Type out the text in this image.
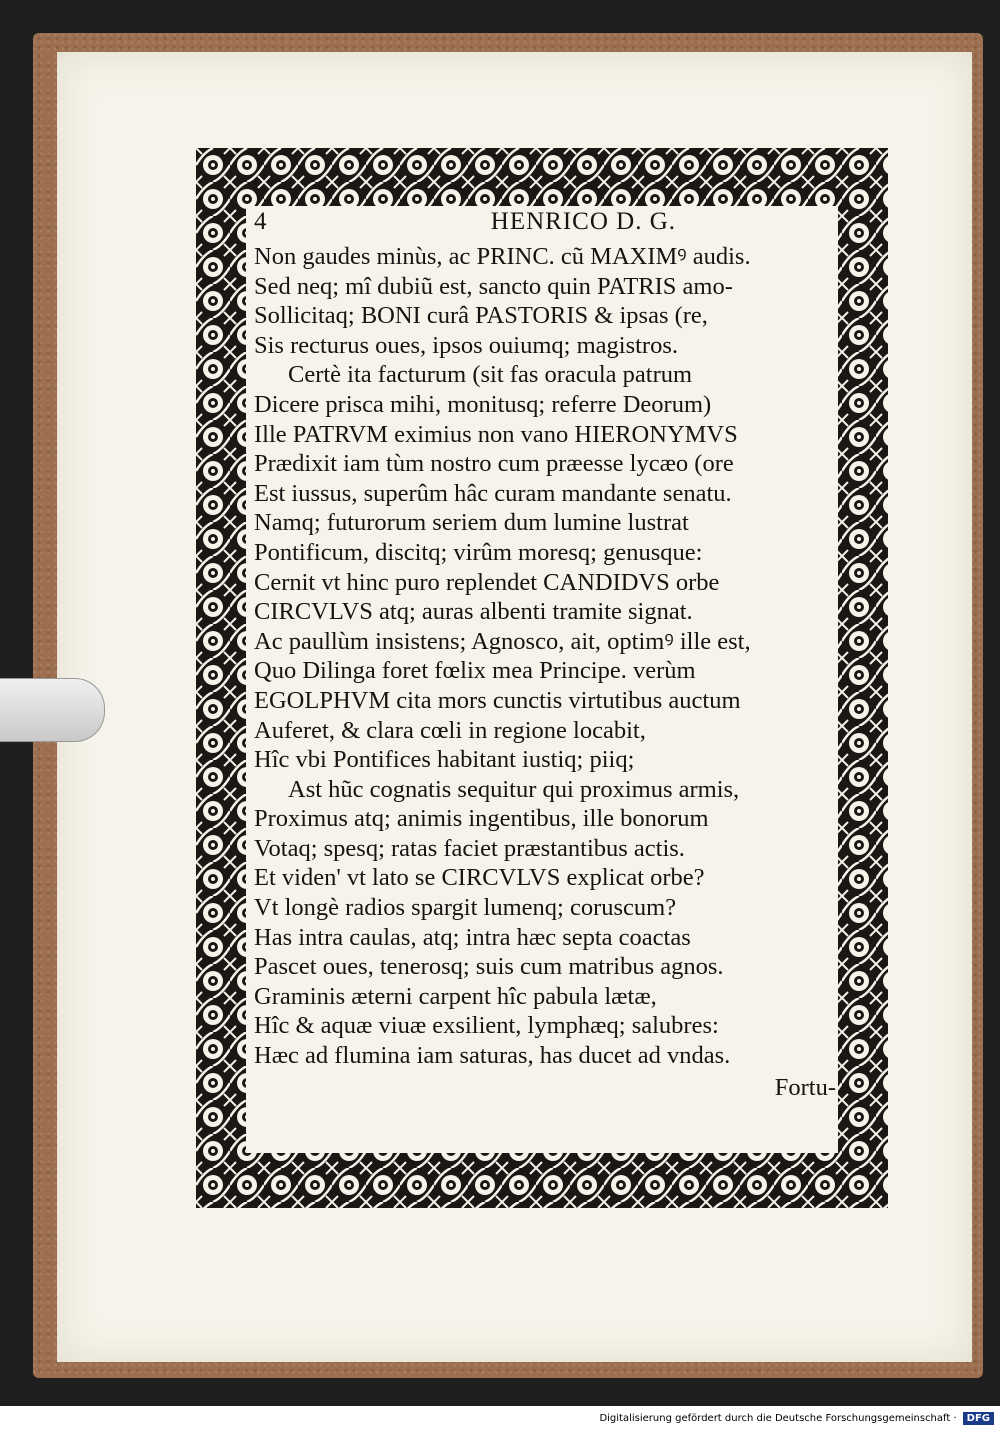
4	HENRICO D. G.
Non gaudes minùs, ac PRINC. cũ MAXIMꝰ audis.
Sed neq; mî dubiũ est, sancto quin PATRIS amo-
Sollicitaq; BONI curâ PASTORIS & ipsas (re,
Sis recturus oues, ipsos ouiumq; magistros.
Certè ita facturum (sit fas oracula patrum
Dicere prisca mihi, monitusq; referre Deorum)
Ille PATRVM eximius non vano HIERONYMVS
Prædixit iam tùm nostro cum præesse lycæo (ore
Est iussus, superûm hâc curam mandante senatu.
Namq; futurorum seriem dum lumine lustrat
Pontificum, discitq; virûm moresq; genusque:
Cernit vt hinc puro replendet CANDIDVS orbe
CIRCVLVS atq; auras albenti tramite signat.
Ac paullùm insistens; Agnosco, ait, optimꝰ ille est,
Quo Dilinga foret fœlix mea Principe. verùm
EGOLPHVM cita mors cunctis virtutibus auctum
Auferet, & clara cœli in regione locabit,
Hîc vbi Pontifices habitant iustiq; piiq;
Ast hũc cognatis sequitur qui proximus armis,
Proximus atq; animis ingentibus, ille bonorum
Votaq; spesq; ratas faciet præstantibus actis.
Et viden' vt lato se CIRCVLVS explicat orbe?
Vt longè radios spargit lumenq; coruscum?
Has intra caulas, atq; intra hæc septa coactas
Pascet oues, tenerosq; suis cum matribus agnos.
Graminis æterni carpent hîc pabula lætæ,
Hîc & aquæ viuæ exsilient, lymphæq; salubres:
Hæc ad flumina iam saturas, has ducet ad vndas.
Fortu-
Digitalisierung gefördert durch die Deutsche Forschungsgemeinschaft ·	DFG
